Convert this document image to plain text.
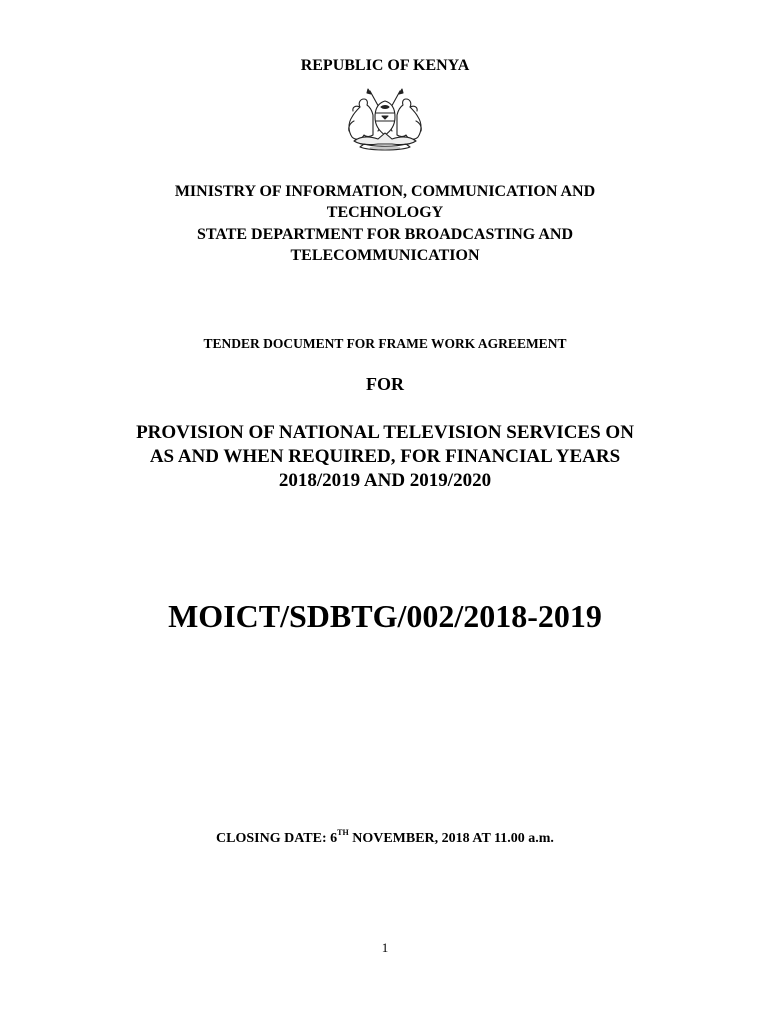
REPUBLIC OF KENYA
MINISTRY OF INFORMATION, COMMUNICATION AND
TECHNOLOGY
STATE DEPARTMENT FOR BROADCASTING AND
TELECOMMUNICATION
TENDER DOCUMENT FOR FRAME WORK AGREEMENT
FOR
PROVISION OF NATIONAL TELEVISION SERVICES ON
AS AND WHEN REQUIRED, FOR FINANCIAL YEARS
2018/2019 AND 2019/2020
MOICT/SDBTG/002/2018-2019
CLOSING DATE: 6TH NOVEMBER, 2018 AT 11.00 a.m.
1
